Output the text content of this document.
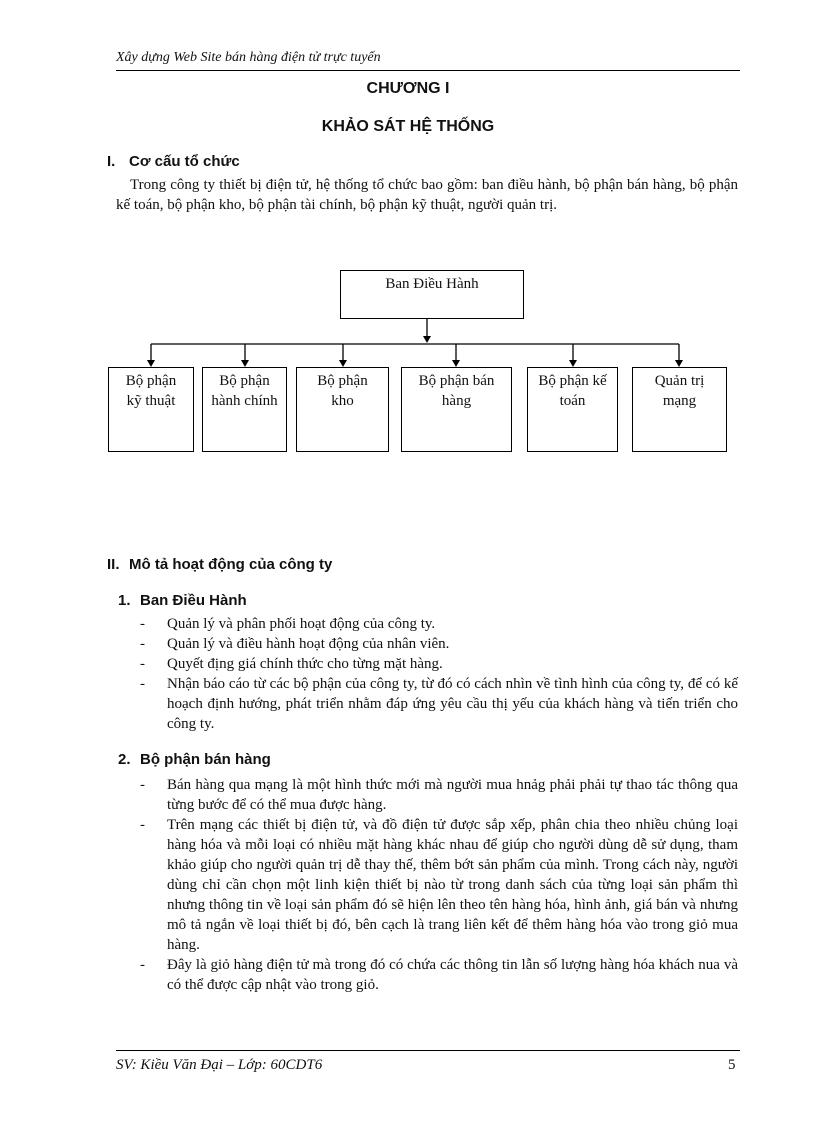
Xây dựng Web Site bán hàng điện tử trực tuyến
CHƯƠNG I
KHẢO SÁT HỆ THỐNG
I. Cơ cấu tổ chức
Trong công ty thiết bị điện tử, hệ thống tổ chức bao gồm: ban điều hành, bộ phận bán hàng, bộ phận kế toán, bộ phận kho, bộ phận tài chính, bộ phận kỹ thuật, người quản trị.
Ban Điều Hành
Bộ phận kỹ thuật
Bộ phận hành chính
Bộ phận kho
Bộ phận bán hàng
Bộ phận kế toán
Quản trị mạng
II. Mô tả hoạt động của công ty
1. Ban Điều Hành
- Quản lý và phân phối hoạt động của công ty.
- Quản lý và điều hành hoạt động của nhân viên.
- Quyết địng giá chính thức cho từng mặt hàng.
- Nhận báo cáo từ các bộ phận của công ty, từ đó có cách nhìn về tình hình của công ty, để có kế hoạch định hướng, phát triển nhằm đáp ứng yêu cầu thị yếu của khách hàng và tiến triển cho công ty.
2. Bộ phận bán hàng
- Bán hàng qua mạng là một hình thức mới mà người mua hnảg phải phải tự thao tác thông qua từng bước để có thể mua được hàng.
- Trên mạng các thiết bị điện tử, và đồ điện tử được sắp xếp, phân chia theo nhiều chủng loại hàng hóa và mỗi loại có nhiều mặt hàng khác nhau để giúp cho người dùng dễ sử dụng, tham khảo giúp cho người quản trị dễ thay thế, thêm bớt sản phẩm của mình. Trong cách này, người dùng chỉ cần chọn một linh kiện thiết bị nào từ trong danh sách của từng loại sản phẩm thì nhưng thông tin về loại sản phẩm đó sẽ hiện lên theo tên hàng hóa, hình ảnh, giá bán và nhưng mô tả ngắn về loại thiết bị đó, bên cạch là trang liên kết để thêm hàng hóa vào trong giỏ mua hàng.
- Đây là giỏ hàng điện tử mà trong đó có chứa các thông tin lẫn số lượng hàng hóa khách nua và có thể được cập nhật vào trong giỏ.
SV: Kiều Văn Đại – Lớp: 60CDT6	5
